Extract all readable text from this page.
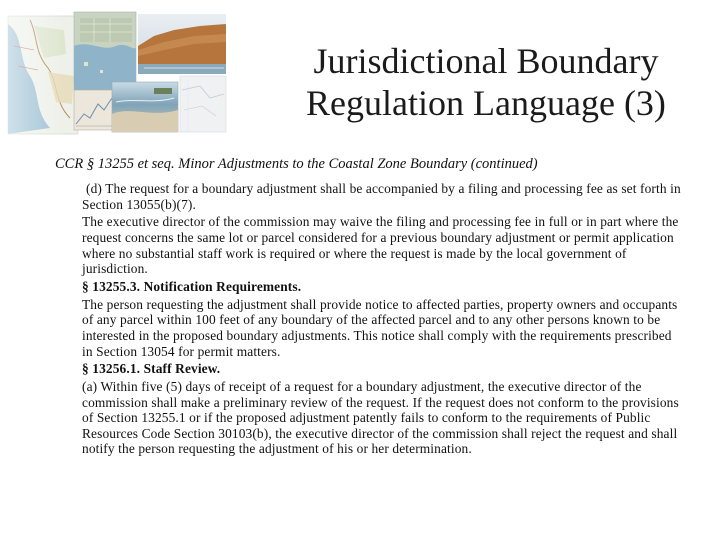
Jurisdictional Boundary
Regulation Language (3)

CCR § 13255 et seq. Minor Adjustments to the Coastal Zone Boundary (continued)

(d) The request for a boundary adjustment shall be accompanied by a filing and processing fee as set forth in Section 13055(b)(7).

The executive director of the commission may waive the filing and processing fee in full or in part where the request concerns the same lot or parcel considered for a previous boundary adjustment or permit application where no substantial staff work is required or where the request is made by the local government of jurisdiction.

§ 13255.3. Notification Requirements.

The person requesting the adjustment shall provide notice to affected parties, property owners and occupants of any parcel within 100 feet of any boundary of the affected parcel and to any other persons known to be interested in the proposed boundary adjustments. This notice shall comply with the requirements prescribed in Section 13054 for permit matters.

§ 13256.1. Staff Review.

(a) Within five (5) days of receipt of a request for a boundary adjustment, the executive director of the commission shall make a preliminary review of the request. If the request does not conform to the provisions of Section 13255.1 or if the proposed adjustment patently fails to conform to the requirements of Public Resources Code Section 30103(b), the executive director of the commission shall reject the request and shall notify the person requesting the adjustment of his or her determination.
